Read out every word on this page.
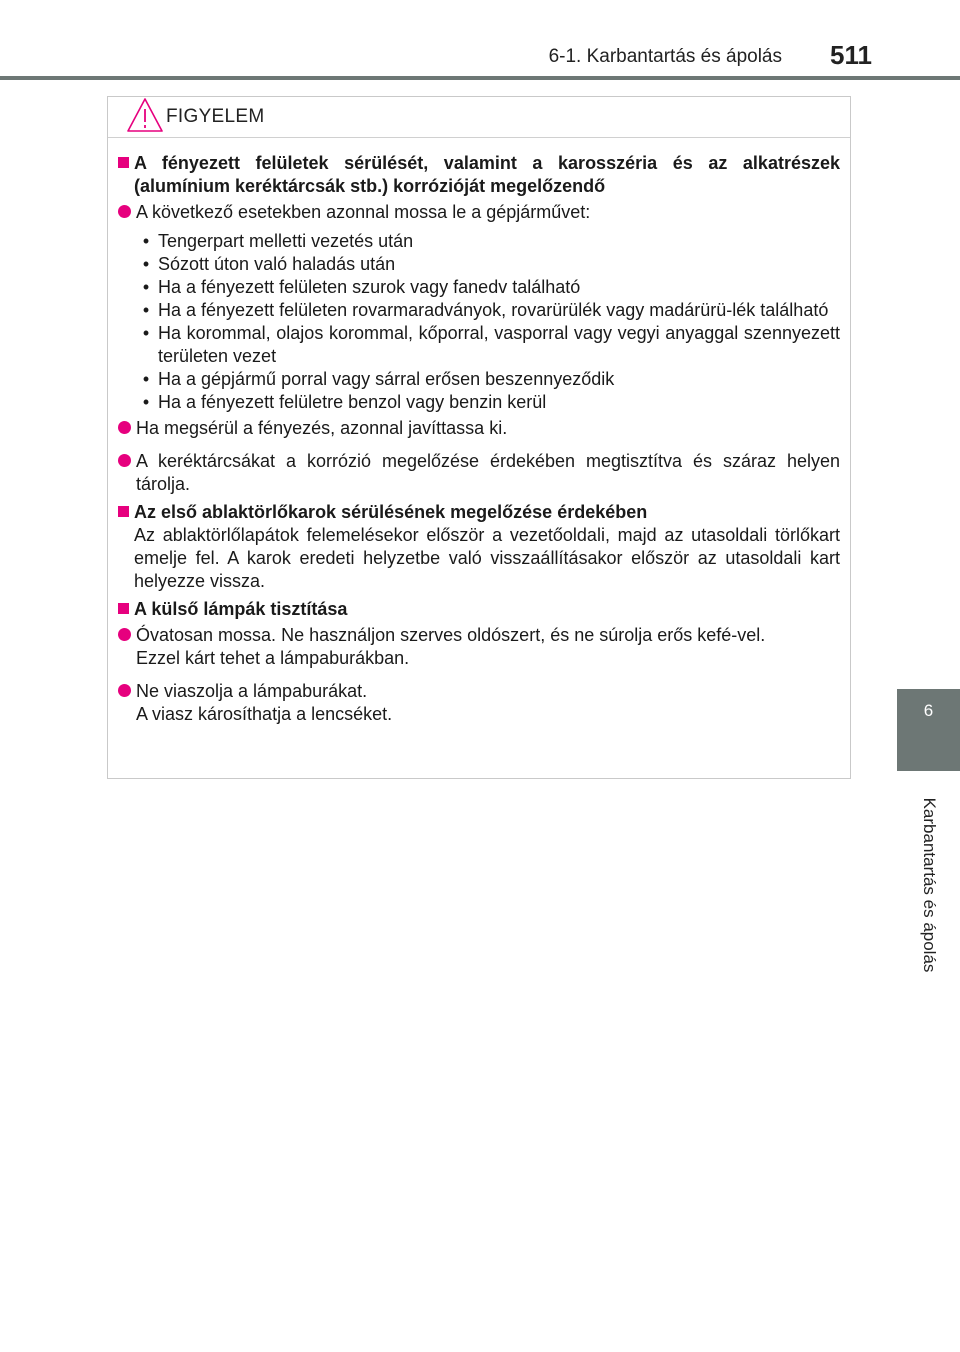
6-1. Karbantartás és ápolás 511
6
Karbantartás és ápolás
FIGYELEM
A fényezett felületek sérülését, valamint a karosszéria és az alkatrészek (alumínium keréktárcsák stb.) korrózióját megelőzendő
A következő esetekben azonnal mossa le a gépjárművet:
• Tengerpart melletti vezetés után
• Sózott úton való haladás után
• Ha a fényezett felületen szurok vagy fanedv található
• Ha a fényezett felületen rovarmaradványok, rovarürülék vagy madárürü-lék található
• Ha korommal, olajos korommal, kőporral, vasporral vagy vegyi anyaggal szennyezett területen vezet
• Ha a gépjármű porral vagy sárral erősen beszennyeződik
• Ha a fényezett felületre benzol vagy benzin kerül
Ha megsérül a fényezés, azonnal javíttassa ki.
A keréktárcsákat a korrózió megelőzése érdekében megtisztítva és száraz helyen tárolja.
Az első ablaktörlőkarok sérülésének megelőzése érdekében
Az ablaktörlőlapátok felemelésekor először a vezetőoldali, majd az utasoldali törlőkart emelje fel. A karok eredeti helyzetbe való visszaállításakor először az utasoldali kart helyezze vissza.
A külső lámpák tisztítása
Óvatosan mossa. Ne használjon szerves oldószert, és ne súrolja erős kefé-vel.
Ezzel kárt tehet a lámpaburákban.
Ne viaszolja a lámpaburákat.
A viasz károsíthatja a lencséket.
